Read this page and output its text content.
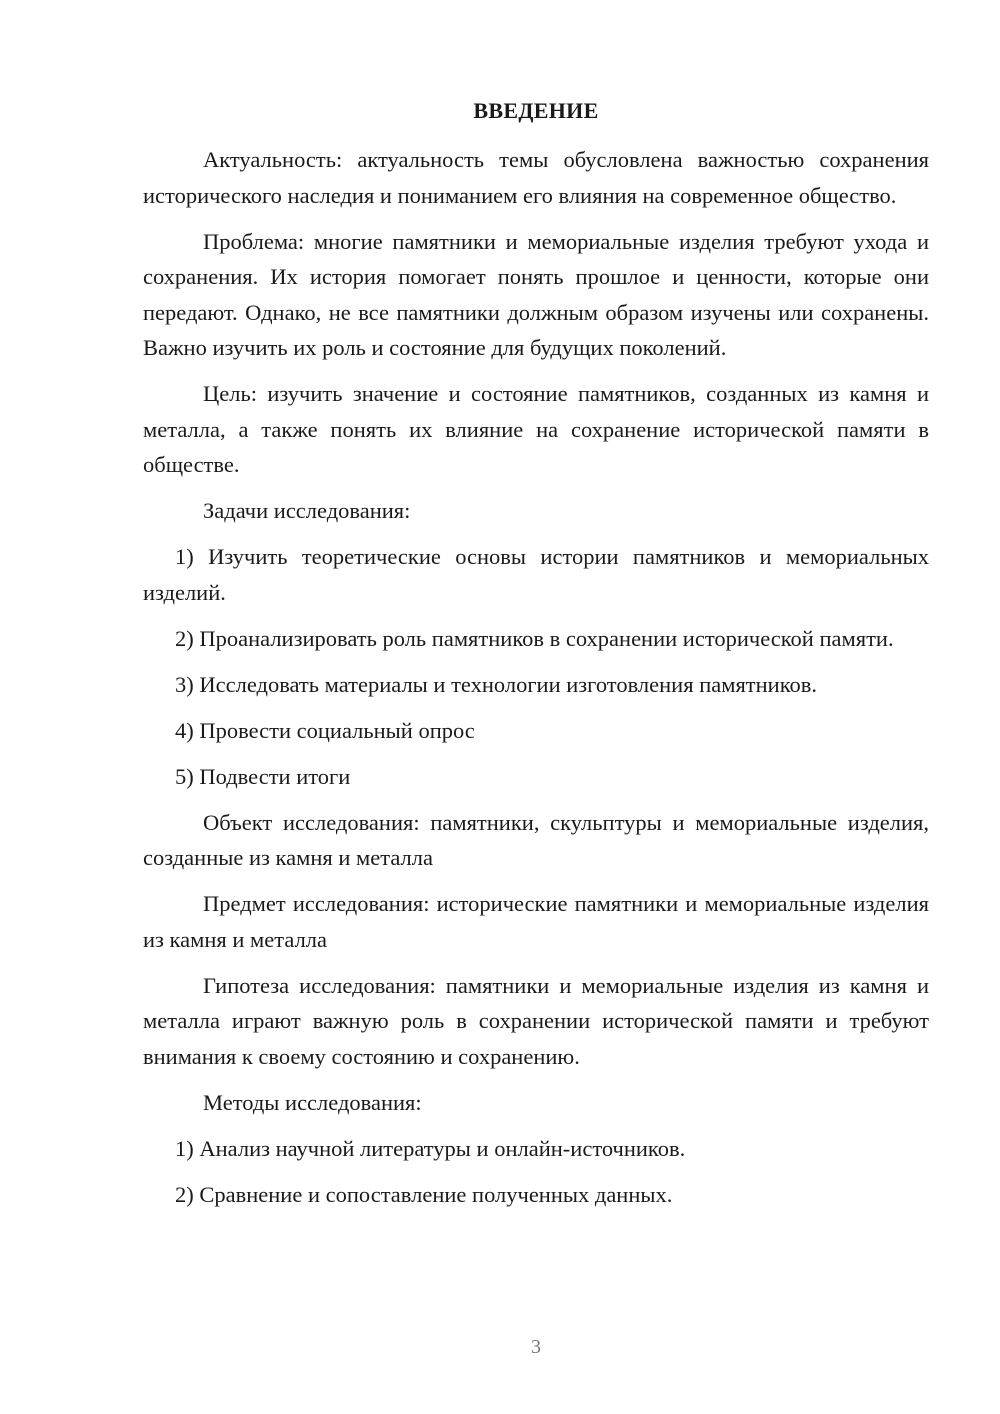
ВВЕДЕНИЕ

Актуальность: актуальность темы обусловлена важностью сохранения исторического наследия и пониманием его влияния на современное общество.

Проблема: многие памятники и мемориальные изделия требуют ухода и сохранения. Их история помогает понять прошлое и ценности, которые они передают. Однако, не все памятники должным образом изучены или сохранены. Важно изучить их роль и состояние для будущих поколений.

Цель: изучить значение и состояние памятников, созданных из камня и металла, а также понять их влияние на сохранение исторической памяти в обществе.

Задачи исследования:

1) Изучить теоретические основы истории памятников и мемориальных изделий.

2) Проанализировать роль памятников в сохранении исторической памяти.

3) Исследовать материалы и технологии изготовления памятников.

4) Провести социальный опрос

5) Подвести итоги

Объект исследования: памятники, скульптуры и мемориальные изделия, созданные из камня и металла

Предмет исследования: исторические памятники и мемориальные изделия из камня и металла

Гипотеза исследования: памятники и мемориальные изделия из камня и металла играют важную роль в сохранении исторической памяти и требуют внимания к своему состоянию и сохранению.

Методы исследования:

1) Анализ научной литературы и онлайн-источников.

2) Сравнение и сопоставление полученных данных.

3
